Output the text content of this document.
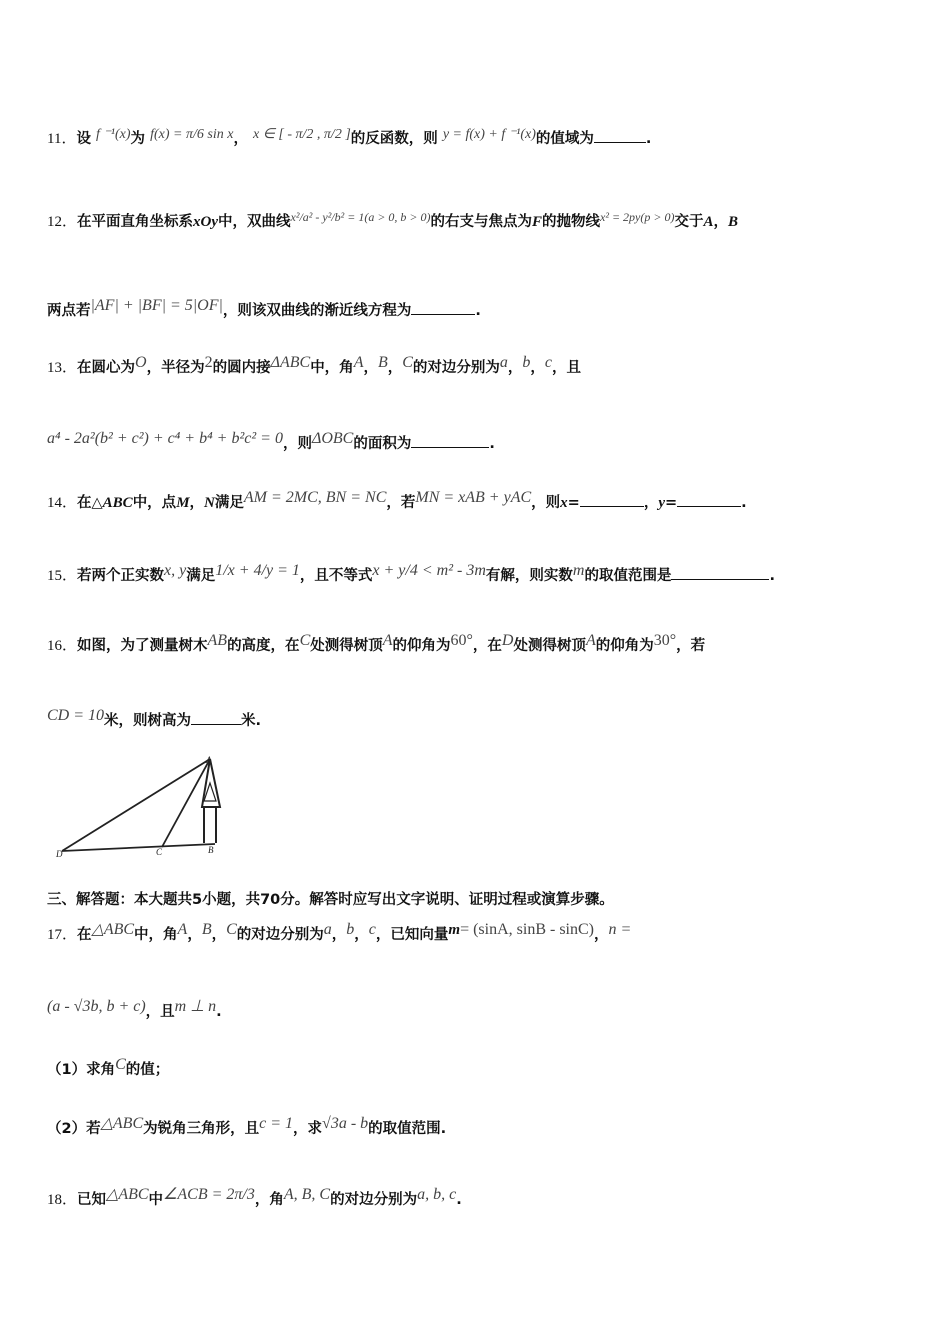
11．设 f ⁻¹(x)为 f(x) = π/6 sin x， x ∈ [ - π/2 , π/2 ]的反函数，则 y = f(x) + f ⁻¹(x)的值域为	.
12．在平面直角坐标系xOy中，双曲线$^{x^2/a^2 - y^2/b^2 = 1(a > 0, b > 0)}$的右支与焦点为F的抛物线$^{x^2 = 2py(p > 0)}$交于A，B
两点若|AF| + |BF| = 5|OF|，则该双曲线的渐近线方程为	.
13．在圆心为O，半径为2的圆内接ΔABC中，角A，B，C的对边分别为a，b，c，且
a⁴ - 2a²(b² + c²) + c⁴ + b⁴ + b²c² = 0，则ΔOBC的面积为	.
14．在△ABC中，点M，N满足AM = 2MC, BN = NC，若MN = xAB + yAC，则x=	，y=	.
15．若两个正实数x, y满足1/x + 4/y = 1，且不等式x + y/4 < m² - 3m有解，则实数m的取值范围是	.
16．如图，为了测量树木AB的高度，在C处测得树顶A的仰角为60°，在D处测得树顶A的仰角为30°，若
CD = 10米，则树高为	米.
A
D	C	B
三、解答题：本大题共5小题，共70分。解答时应写出文字说明、证明过程或演算步骤。
17．在△ABC中，角A，B，C的对边分别为a，b，c，已知向量m= (sinA, sinB - sinC)，n =
(a - √3b, b + c)，且m ⊥ n.
（1）求角C的值；
（2）若△ABC为锐角三角形，且c = 1，求√3a - b的取值范围.
18．已知△ABC中∠ACB = 2π/3，角A, B, C的对边分别为a, b, c.
